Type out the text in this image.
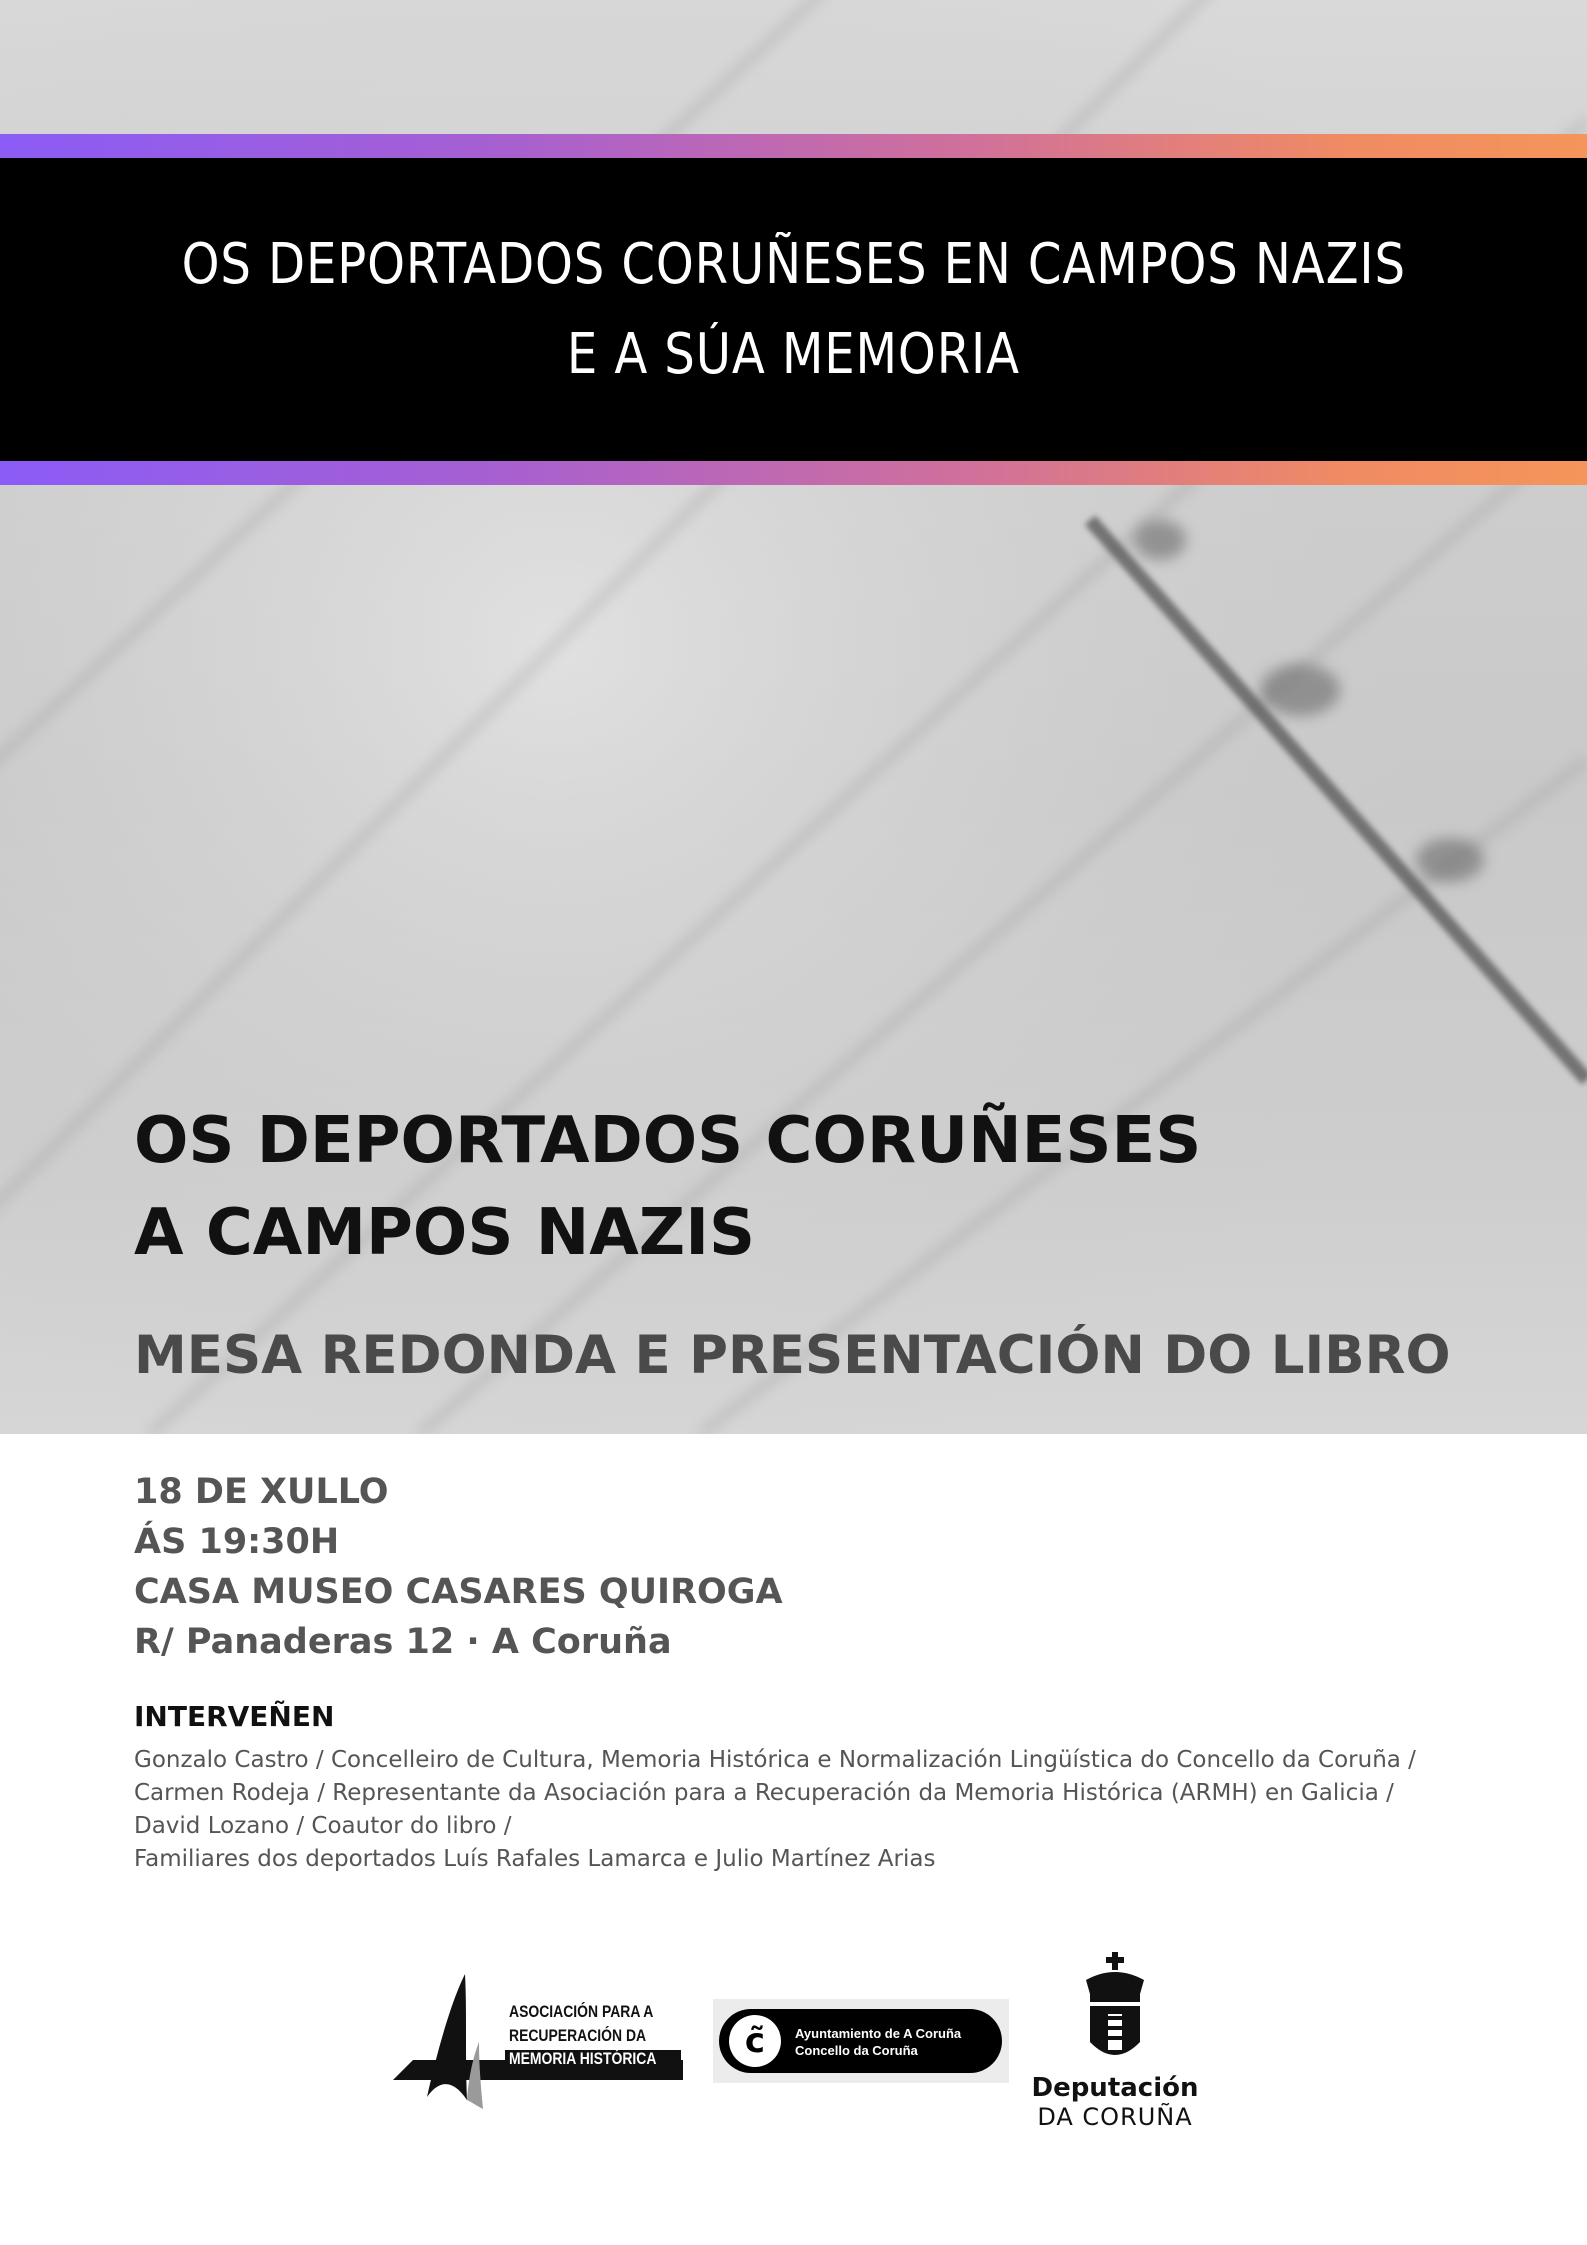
OS DEPORTADOS CORUÑESES EN CAMPOS NAZIS
E A SÚA MEMORIA
OS DEPORTADOS CORUÑESES
A CAMPOS NAZIS
MESA REDONDA E PRESENTACIÓN DO LIBRO
18 DE XULLO
ÁS 19:30H
CASA MUSEO CASARES QUIROGA
R/ Panaderas 12 · A Coruña
INTERVEÑEN
Gonzalo Castro / Concelleiro de Cultura, Memoria Histórica e Normalización Lingüística do Concello da Coruña /
Carmen Rodeja / Representante da Asociación para a Recuperación da Memoria Histórica (ARMH) en Galicia /
David Lozano / Coautor do libro /
Familiares dos deportados Luís Rafales Lamarca e Julio Martínez Arias
ASOCIACIÓN PARA A
RECUPERACIÓN DA
MEMORIA HISTÓRICA	c̃	Ayuntamiento de A Coruña
Concello da Coruña
Deputación
DA CORUÑA
